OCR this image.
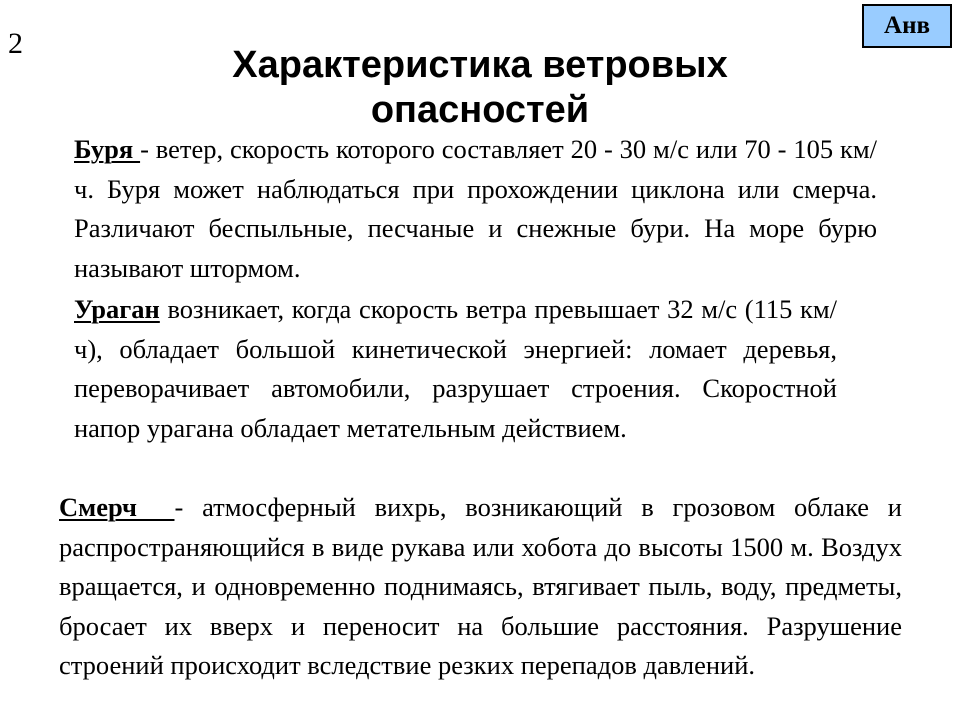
2
Анв
Характеристика ветровых опасностей

Буря - ветер, скорость которого составляет 20 - 30 м/с или 70 - 105 км/ч. Буря может наблюдаться при прохождении циклона или смерча. Различают беспыльные, песчаные и снежные бури. На море бурю называют штормом.

Ураган возникает, когда скорость ветра превышает 32 м/с (115 км/ч), обладает большой кинетической энергией: ломает деревья, переворачивает автомобили, разрушает строения. Скоростной напор урагана обладает метательным действием.

Смерч  - атмосферный вихрь, возникающий в грозовом облаке и распространяющийся в виде рукава или хобота до высоты 1500 м. Воздух вращается, и одновременно поднимаясь, втягивает пыль, воду, предметы, бросает их вверх и переносит на большие расстояния. Разрушение строений происходит вследствие резких перепадов давлений.
